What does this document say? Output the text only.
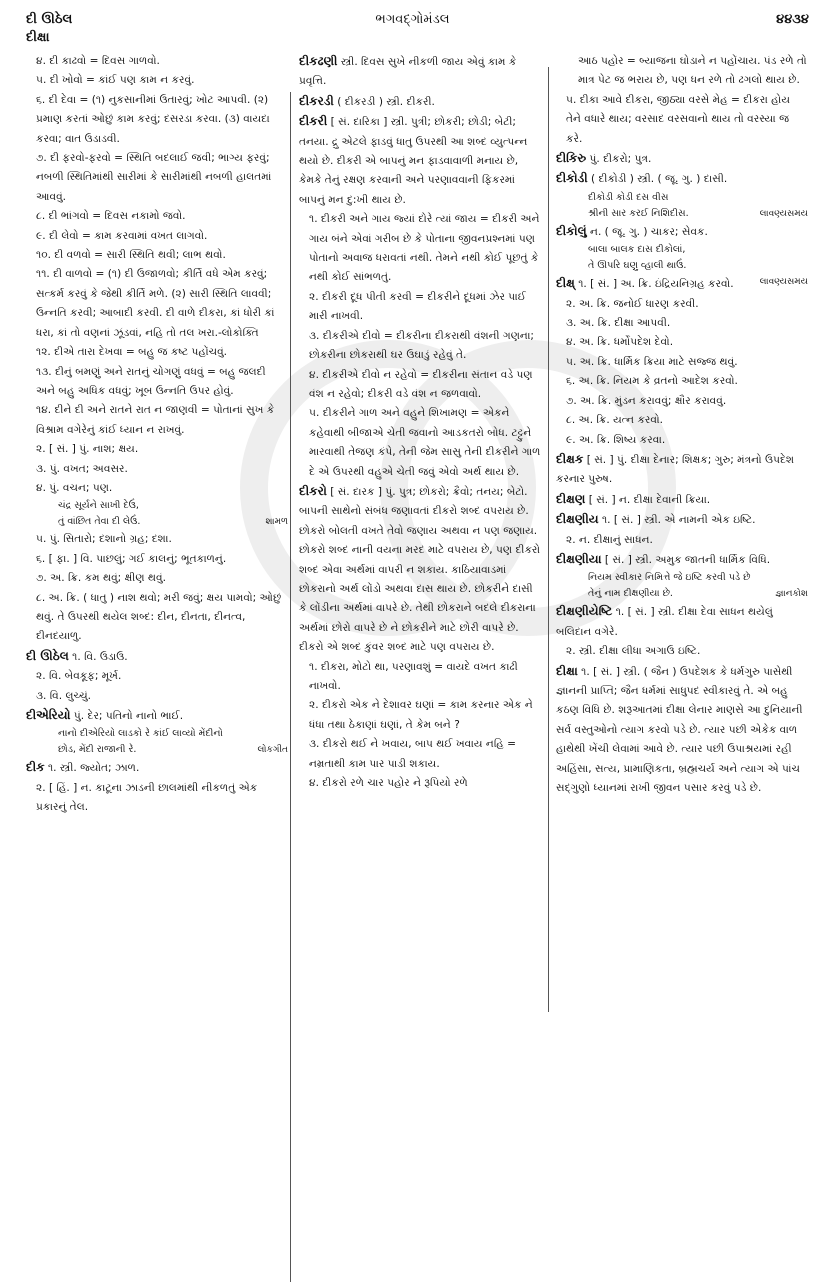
દી ઊઠેલ	ભગવદ્ગોમંડલ	૪૪૩૪
દીક્ષા
૪. દી કાઢવો = દિવસ ગાળવો.
૫. દી ખોવો = કાંઈ પણ કામ ન કરવું.
૬. દી દેવા = (૧) નુકસાનીમાં ઉતારવું; ખોટ આપવી. (૨) પ્રમાણ કરતાં ઓછું કામ કરવું; દસરડા કરવા. (૩) વાયદા કરવા; વાત ઉડાડવી.
૭. દી ફરવો-ફરવો = સ્થિતિ બદલાઈ જવી; ભાગ્ય ફરવું; નબળી સ્થિતિમાંથી સારીમાં કે સારીમાંથી નબળી હાલતમાં આવવું.
૮. દી ભાંગવો = દિવસ નકામો જવો.
૯. દી લેવો = કામ કરવામાં વખત લાગવો.
૧૦. દી વળવો = સારી સ્થિતિ થવી; લાભ થવો.
૧૧. દી વાળવો = (૧) દી ઉજાળવો; કીર્તિ વધે એમ કરવું; સત્કર્મ કરવું કે જેથી કીર્તિ મળે. (૨) સારી સ્થિતિ લાવવી; ઉન્નતિ કરવી; આબાદી કરવી. દી વાળે દીકરા, કાં ધોરી કાં ધરા, કાં તો વણનાં ઝૂંડવાં, નહિ તો તલ ખરા.-લોકોક્તિ
૧૨. દીએ તારા દેખવા = બહુ જ કષ્ટ પહોંચવું.
૧૩. દીનું બમણું અને રાતનું ચોગણું વધવું = બહુ જલદી અને બહુ અધિક વધવું; ખૂબ ઉન્નતિ ઉપર હોવું.
૧૪. દીને દી અને રાતને રાત ન જાણવી = પોતાનાં સુખ કે વિશ્રામ વગેરેનું કાંઈ ધ્યાન ન રાખવું.
૨. [ સં. ] પું. નાશ; ક્ષય.
૩. પું. વખત; અવસર.
૪. પું. વચન; પણ.
ચંદ્ર સૂર્યને સાખી દેઉં,
તું વાંછિત તેવા દી લેઉં.	શામળ
૫. પું. સિતારો; દશાનો ગ્રહ; દશા.
૬. [ ફા. ] વિ. પાછલું; ગઈ કાલનું; ભૂતકાળનું.
૭. અ. ક્રિ. કમ થવું; ક્ષીણ થવું.
૮. અ. ક્રિ. ( ધાતુ ) નાશ થવો; મરી જવું; ક્ષય પામવો; ઓછું થવું. તે ઉપરથી થયેલ શબ્દ: દીન, દીનતા, દીનત્વ, દીનદયાળુ.
દી ઊઠેલ ૧. વિ. ઉડાઉ.
૨. વિ. બેવકૂફ; મૂર્ખ.
૩. વિ. લુચ્ચું.
દીએરિયો પું. દેર; પતિનો નાનો ભાઈ.
નાનો દીએરિયો લાડકો રે કાંઈ લાવ્યો મેંદીનો
છોડ, મેંદી રાજાની રે.	લોકગીત
દીક ૧. સ્ત્રી. જ્યોત; ઝાળ.
૨. [ હિં. ] ન. કાટૂના ઝાડની છાલમાંથી નીકળતું એક પ્રકારનું તેલ.
દીકઢણી સ્ત્રી. દિવસ સુખે નીકળી જાય એવું કામ કે પ્રવૃત્તિ.
દીકરડી ( દીકરડી ) સ્ત્રી. દીકરી.
દીકરી [ સં. દારિકા ] સ્ત્રી. પુત્રી; છોકરી; છોડી; બેટી; તનયા. દ્રુ એટલે ફાડવું ધાતુ ઉપરથી આ શબ્દ વ્યુત્પન્ન થયો છે. દીકરી એ બાપનું મન ફાડવાવાળી મનાય છે, કેમકે તેનું રક્ષણ કરવાની અને પરણાવવાની ફિકરમાં બાપનું મન દુ:ખી થાય છે.
૧. દીકરી અને ગાય જ્યાં દોરે ત્યાં જાય = દીકરી અને ગાય બંને એવાં ગરીબ છે કે પોતાના જીવનપ્રશ્નમાં પણ પોતાનો અવાજ ધરાવતાં નથી. તેમને નથી કોઈ પૂછતું કે નથી કોઈ સાંભળતું.
૨. દીકરી દૂધ પીતી કરવી = દીકરીને દૂધમાં ઝેર પાઈ મારી નાખવી.
૩. દીકરીએ દીવો = દીકરીના દીકરાથી વંશની ગણના; છોકરીના છોકરાથી ઘર ઉઘાડું રહેવું તે.
૪. દીકરીએ દીવો ન રહેવો = દીકરીના સંતાન વડે પણ વંશ ન રહેવો; દીકરી વડે વંશ ન જળવાવો.
૫. દીકરીને ગાળ અને વહુને શિખામણ = એકને કહેવાથી બીજાએ ચેતી જવાનો આડકતરો બોધ. ટટ્ટુને મારવાથી તેજણ કંપે, તેની જેમ સાસુ તેની દીકરીને ગાળ દે એ ઉપરથી વહુએ ચેતી જવું એવો અર્થ થાય છે.
દીકરો [ સં. દારક ] પું. પુત્ર; છોકરો; ક્રૈવો; તનય; બેટો. બાપની સાથેનો સંબંધ જણાવતાં દીકરો શબ્દ વપરાય છે. છોકરો બોલતી વખતે તેવો જણાય અથવા ન પણ જણાય. છોકરો શબ્દ નાની વયના મરદ માટે વપરાય છે, પણ દીકરો શબ્દ એવા અર્થમાં વાપરી ન શકાય. કાઠિયાવાડમાં છોકરાનો અર્થ લોંડો અથવા દાસ થાય છે. છોકરીને દાસી કે લોંડીના અર્થમાં વાપરે છે. તેથી છોકરાને બદલે દીકરાના અર્થમાં છોરો વાપરે છે ને છોકરીને માટે છોરી વાપરે છે. દીકરો એ શબ્દ કુંવર શબ્દ માટે પણ વપરાય છે.
૧. દીકરા, મોટો થા, પરણાવશું = વાયદે વખત કાઢી નાખવો.
૨. દીકરો એક ને દેશાવર ઘણાં = કામ કરનાર એક ને ધંધા તથા ઠેકાણાં ઘણાં, તે કેમ બને ?
૩. દીકરો થઈ ને ખવાય, બાપ થઈ ખવાય નહિ = નમ્રતાથી કામ પાર પાડી શકાય.
૪. દીકરો રળે ચાર પહોર ને રૂપિયો રળે
આઠ પહોર = બ્યાજના ઘોડાને ન પહોંચાય. પંડ રળે તો માત્ર પેટ જ ભરાય છે, પણ ધન રળે તો ઢગલો થાય છે.
૫. દીકા આવે દીકરા, જીઠ્યા વરસે મેહ = દીકરા હોય તેને વધારે થાય; વરસાદ વરસવાનો થાય તો વરસ્યા જ કરે.
દીકિરુ પું. દીકરો; પુત્ર.
દીકોડી ( દીકોડી ) સ્ત્રી. ( જૂ. ગુ. ) દાસી.
દીકોડી કોડી દસ વીસ
શ્રીની સાર કરઈ નિશિદીસ.	લાવણ્યસમય
દીકોલું ન. ( જૂ. ગુ. ) ચાકર; સેવક.
બાલા બાલક દાસ દીકોલાં,
તે ઊપરિ ઘણુ વ્હાલી થાઉં.
લાવણ્યસમય
દીક્ષ્ ૧. [ સં. ] અ. ક્રિ. ઇંદ્રિયનિગ્રહ કરવો.
૨. અ. ક્રિ. જનોઈ ધારણ કરવી.
૩. અ. ક્રિ. દીક્ષા આપવી.
૪. અ. ક્રિ. ધર્મોપદેશ દેવો.
૫. અ. ક્રિ. ધાર્મિક ક્રિયા માટે સજ્જ થવું.
૬. અ. ક્રિ. નિયમ કે વ્રતનો આદેશ કરવો.
૭. અ. ક્રિ. મુંડન કરાવવું; ક્ષૌર કરાવવું.
૮. અ. ક્રિ. યત્ન કરવો.
૯. અ. ક્રિ. શિષ્ય કરવા.
દીક્ષક [ સં. ] પું. દીક્ષા દેનાર; શિક્ષક; ગુરુ; મંત્રનો ઉપદેશ કરનાર પુરુષ.
દીક્ષણ [ સં. ] ન. દીક્ષા દેવાની ક્રિયા.
દીક્ષણીય ૧. [ સં. ] સ્ત્રી. એ નામની એક ઇષ્ટિ.
૨. ન. દીક્ષાનું સાધન.
દીક્ષણીયા [ સં. ] સ્ત્રી. અમુક જાતની ધાર્મિક વિધિ.
નિયમ સ્વીકાર નિમિત્તે જે ઇષ્ટિ કરવી પડે છે
તેનું નામ દીક્ષણીયા છે.	જ્ઞાનકોશ
દીક્ષણીયેષ્ટિ ૧. [ સં. ] સ્ત્રી. દીક્ષા દેવા સાધન થયેલું બલિદાન વગેરે.
૨. સ્ત્રી. દીક્ષા લીધા અગાઉ ઇષ્ટિ.
દીક્ષા ૧. [ સં. ] સ્ત્રી. ( જૈન ) ઉપદેશક કે ધર્મગુરુ પાસેથી જ્ઞાનની પ્રાપ્તિ; જૈન ધર્મમાં સાધુપદ સ્વીકારવું તે. એ બહુ કઠણ વિધિ છે. શરૂઆતમાં દીક્ષા લેનાર માણસે આ દુનિયાની સર્વ વસ્તુઓનો ત્યાગ કરવો પડે છે. ત્યાર પછી એકેક વાળ હાથેથી ખેંચી લેવામાં આવે છે. ત્યાર પછી ઉપાશ્રયમાં રહી અહિંસા, સત્ય, પ્રામાણિકતા, બ્રહ્મચર્ય અને ત્યાગ એ પાંચ સદ્ગુણો ધ્યાનમાં રાખી જીવન પસાર કરવું પડે છે.
